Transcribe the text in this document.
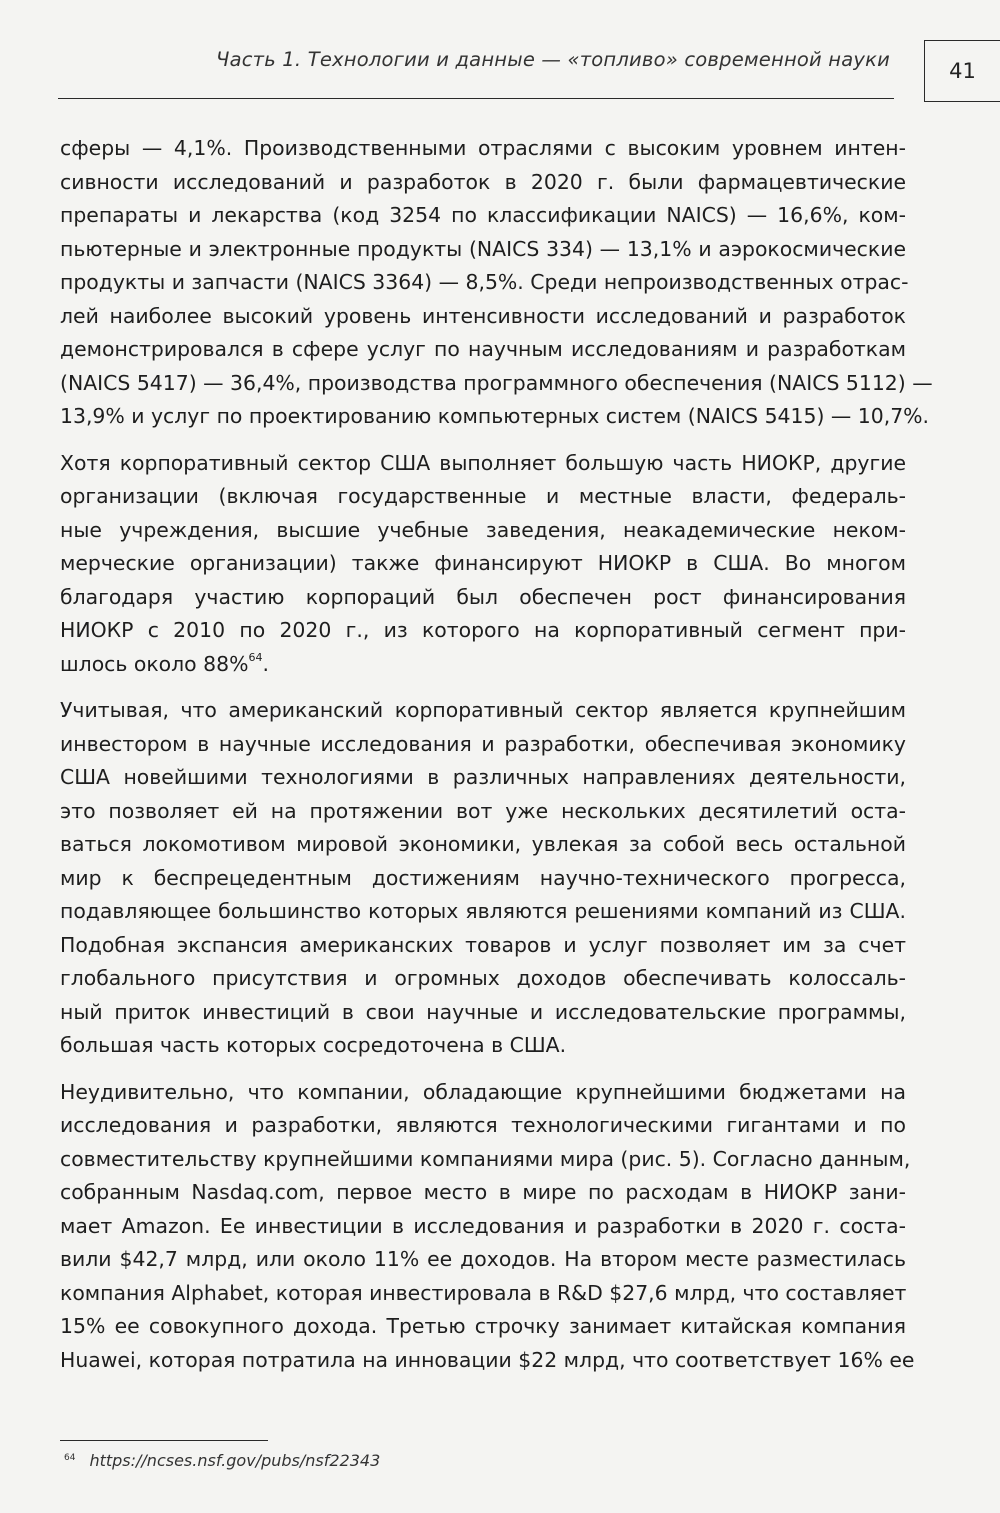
Часть 1. Технологии и данные — «топливо» современной науки	41

сферы — 4,1%. Производственными отраслями с высоким уровнем интен-
сивности исследований и разработок в 2020 г. были фармацевтические
препараты и лекарства (код 3254 по классификации NAICS) — 16,6%, ком-
пьютерные и электронные продукты (NAICS 334) — 13,1% и аэрокосмические
продукты и запчасти (NAICS 3364) — 8,5%. Среди непроизводственных отрас-
лей наиболее высокий уровень интенсивности исследований и разработок
демонстрировался в сфере услуг по научным исследованиям и разработкам
(NAICS 5417) — 36,4%, производства программного обеспечения (NAICS 5112) —
13,9% и услуг по проектированию компьютерных систем (NAICS 5415) — 10,7%.

Хотя корпоративный сектор США выполняет большую часть НИОКР, другие
организации (включая государственные и местные власти, федераль-
ные учреждения, высшие учебные заведения, неакадемические неком-
мерческие организации) также финансируют НИОКР в США. Во многом
благодаря участию корпораций был обеспечен рост финансирования
НИОКР с 2010 по 2020 г., из которого на корпоративный сегмент при-
шлось около 88%$^{64}$.

Учитывая, что американский корпоративный сектор является крупнейшим
инвестором в научные исследования и разработки, обеспечивая экономику
США новейшими технологиями в различных направлениях деятельности,
это позволяет ей на протяжении вот уже нескольких десятилетий оста-
ваться локомотивом мировой экономики, увлекая за собой весь остальной
мир к беспрецедентным достижениям научно-технического прогресса,
подавляющее большинство которых являются решениями компаний из США.
Подобная экспансия американских товаров и услуг позволяет им за счет
глобального присутствия и огромных доходов обеспечивать колоссаль-
ный приток инвестиций в свои научные и исследовательские программы,
большая часть которых сосредоточена в США.

Неудивительно, что компании, обладающие крупнейшими бюджетами на
исследования и разработки, являются технологическими гигантами и по
совместительству крупнейшими компаниями мира (рис. 5). Согласно данным,
собранным Nasdaq.com, первое место в мире по расходам в НИОКР зани-
мает Amazon. Ее инвестиции в исследования и разработки в 2020 г. соста-
вили $42,7 млрд, или около 11% ее доходов. На втором месте разместилась
компания Alphabet, которая инвестировала в R&D $27,6 млрд, что составляет
15% ее совокупного дохода. Третью строчку занимает китайская компания
Huawei, которая потратила на инновации $22 млрд, что соответствует 16% ее

$^{64}$ https://ncses.nsf.gov/pubs/nsf22343
